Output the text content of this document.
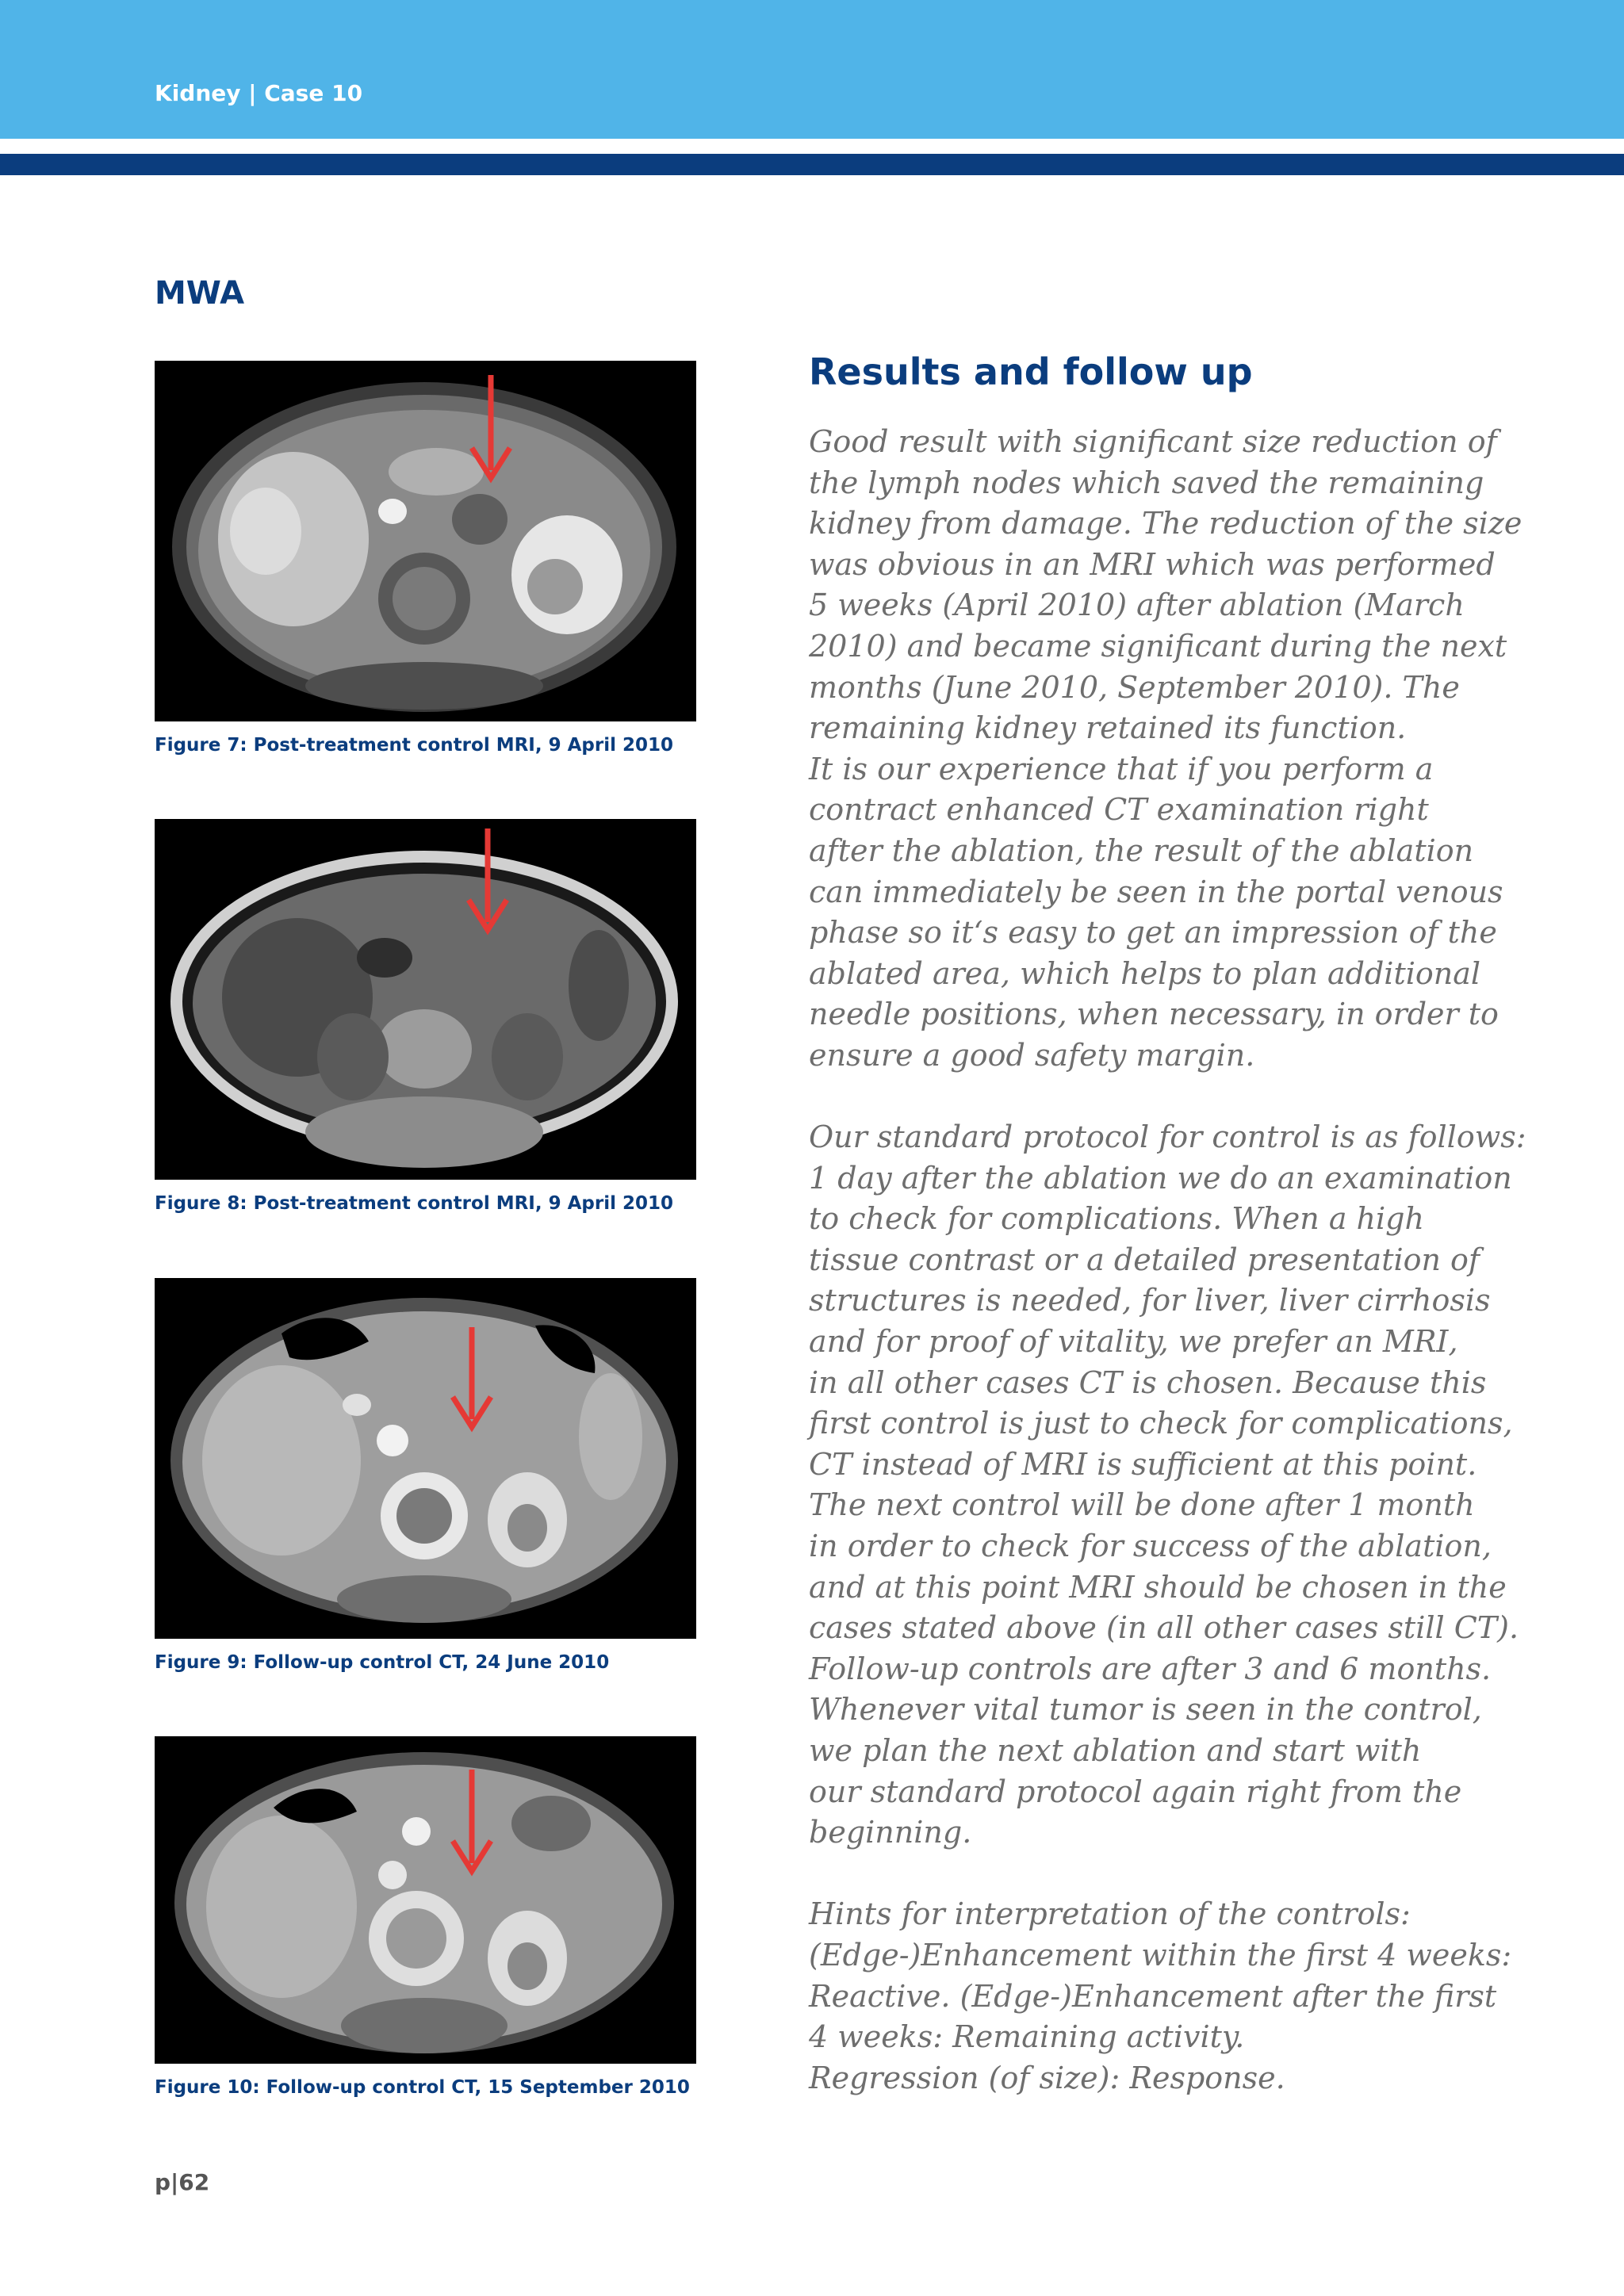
Kidney | Case 10
MWA
Figure 7: Post-treatment control MRI, 9 April 2010
Figure 8: Post-treatment control MRI, 9 April 2010
Figure 9: Follow-up control CT, 24 June 2010
Figure 10: Follow-up control CT, 15 September 2010
Results and follow up
Good result with significant size reduction of
the lymph nodes which saved the remaining
kidney from damage. The reduction of the size
was obvious in an MRI which was performed
5 weeks (April 2010) after ablation (March
2010) and became significant during the next
months (June 2010, September 2010). The
remaining kidney retained its function.
It is our experience that if you perform a
contract enhanced CT examination right
after the ablation, the result of the ablation
can immediately be seen in the portal venous
phase so it‘s easy to get an impression of the
ablated area, which helps to plan additional
needle positions, when necessary, in order to
ensure a good safety margin.
Our standard protocol for control is as follows:
1 day after the ablation we do an examination
to check for complications. When a high
tissue contrast or a detailed presentation of
structures is needed, for liver, liver cirrhosis
and for proof of vitality, we prefer an MRI,
in all other cases CT is chosen. Because this
first control is just to check for complications,
CT instead of MRI is sufficient at this point.
The next control will be done after 1 month
in order to check for success of the ablation,
and at this point MRI should be chosen in the
cases stated above (in all other cases still CT).
Follow-up controls are after 3 and 6 months.
Whenever vital tumor is seen in the control,
we plan the next ablation and start with
our standard protocol again right from the
beginning.
Hints for interpretation of the controls:
(Edge-)Enhancement within the first 4 weeks:
Reactive. (Edge-)Enhancement after the first
4 weeks: Remaining activity.
Regression (of size): Response.
p|62
